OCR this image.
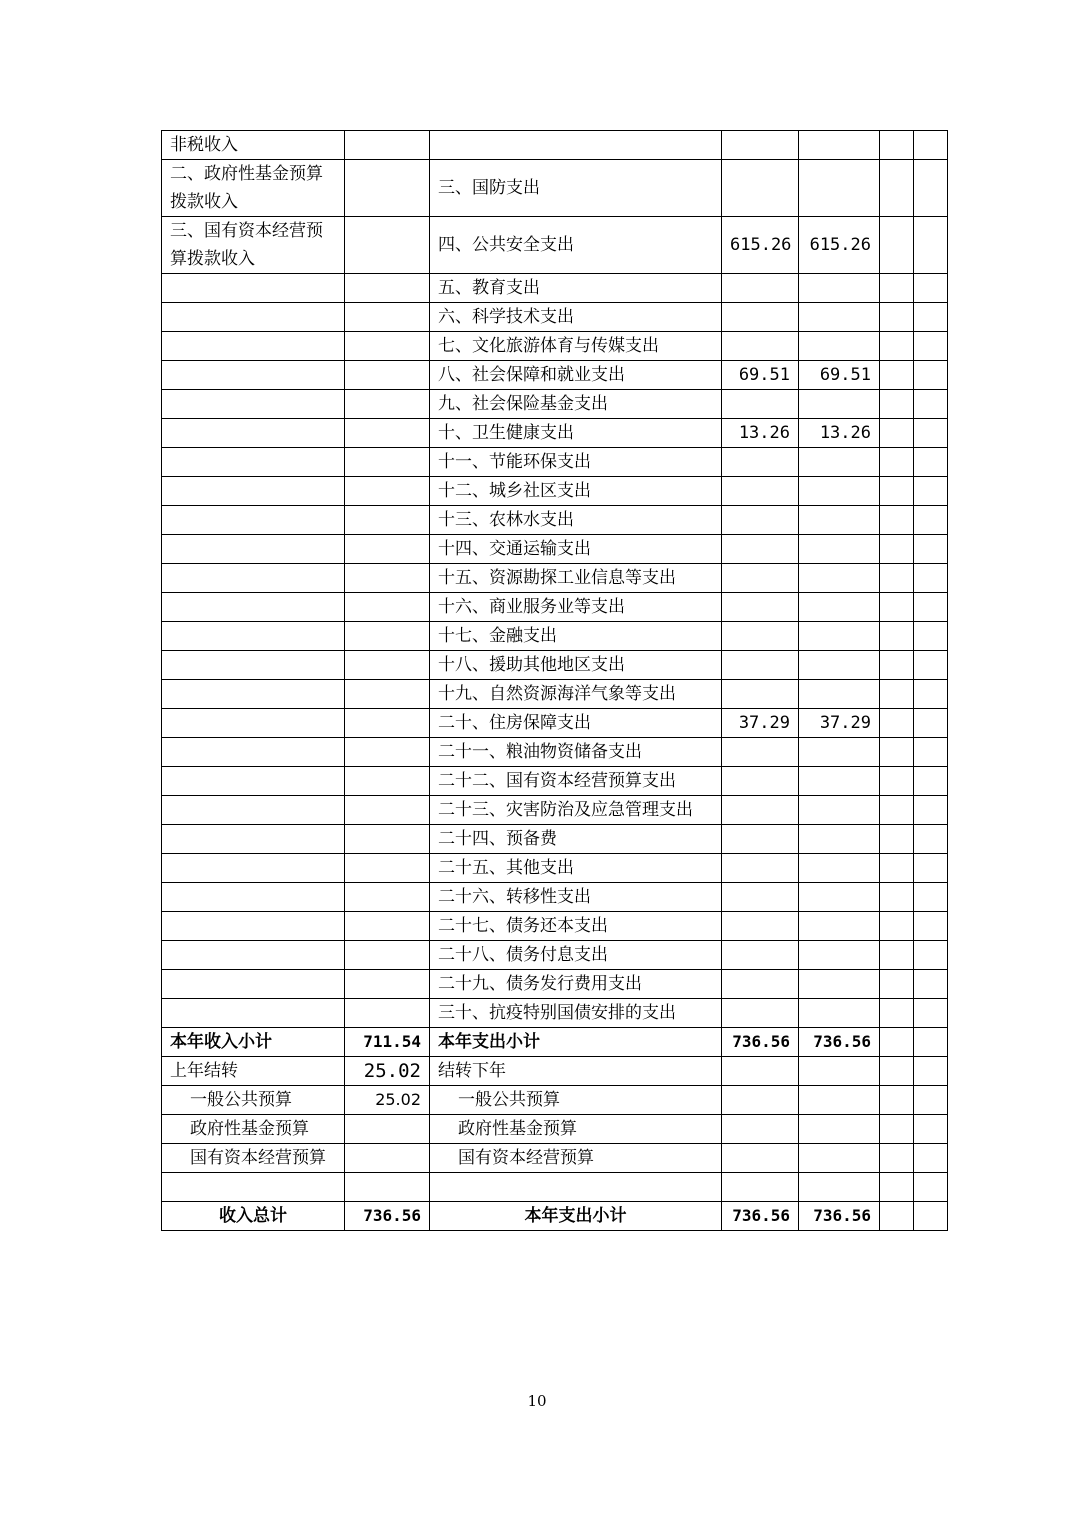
非税收入						
二、政府性基金预算拨款收入		三、国防支出				
三、国有资本经营预算拨款收入		四、公共安全支出	615.26	615.26		
		五、教育支出				
		六、科学技术支出				
		七、文化旅游体育与传媒支出				
		八、社会保障和就业支出	69.51	69.51		
		九、社会保险基金支出				
		十、卫生健康支出	13.26	13.26		
		十一、节能环保支出				
		十二、城乡社区支出				
		十三、农林水支出				
		十四、交通运输支出				
		十五、资源勘探工业信息等支出				
		十六、商业服务业等支出				
		十七、金融支出				
		十八、援助其他地区支出				
		十九、自然资源海洋气象等支出				
		二十、住房保障支出	37.29	37.29		
		二十一、粮油物资储备支出				
		二十二、国有资本经营预算支出				
		二十三、灾害防治及应急管理支出				
		二十四、预备费				
		二十五、其他支出				
		二十六、转移性支出				
		二十七、债务还本支出				
		二十八、债务付息支出				
		二十九、债务发行费用支出				
		三十、抗疫特别国债安排的支出				
本年收入小计	711.54	本年支出小计	736.56	736.56		
上年结转	25.02	结转下年				
一般公共预算	25.02	一般公共预算				
政府性基金预算		政府性基金预算				
国有资本经营预算		国有资本经营预算				

收入总计	736.56	本年支出小计	736.56	736.56		
10
